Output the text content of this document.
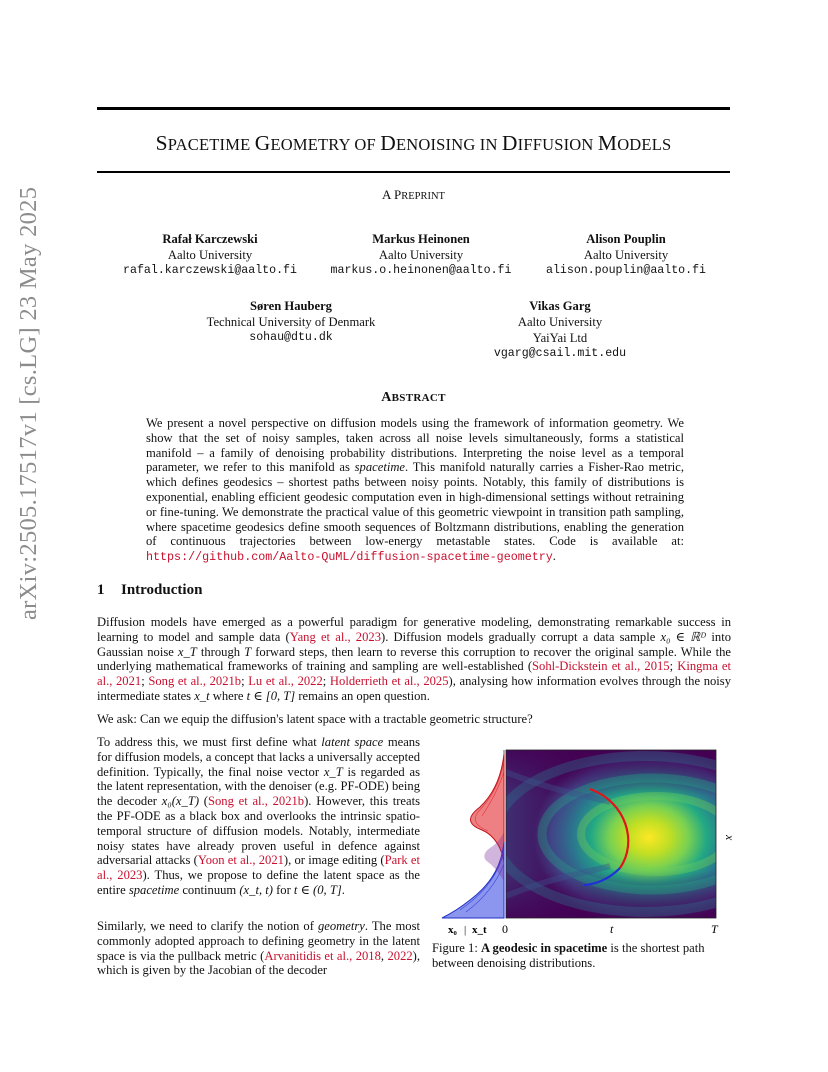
arXiv:2505.17517v1 [cs.LG] 23 May 2025
SPACETIME GEOMETRY OF DENOISING IN DIFFUSION MODELS
A PREPRINT
Rafał Karczewski
Aalto University
rafal.karczewski@aalto.fi
Markus Heinonen
Aalto University
markus.o.heinonen@aalto.fi
Alison Pouplin
Aalto University
alison.pouplin@aalto.fi
Søren Hauberg
Technical University of Denmark
sohau@dtu.dk
Vikas Garg
Aalto University
YaiYai Ltd
vgarg@csail.mit.edu
ABSTRACT
We present a novel perspective on diffusion models using the framework of information geometry. We show that the set of noisy samples, taken across all noise levels simultaneously, forms a statistical manifold – a family of denoising probability distributions. Interpreting the noise level as a temporal parameter, we refer to this manifold as spacetime. This manifold naturally carries a Fisher-Rao metric, which defines geodesics – shortest paths between noisy points. Notably, this family of distributions is exponential, enabling efficient geodesic computation even in high-dimensional settings without retraining or fine-tuning. We demonstrate the practical value of this geometric viewpoint in transition path sampling, where spacetime geodesics define smooth sequences of Boltzmann distributions, enabling the generation of continuous trajectories between low-energy metastable states. Code is available at: https://github.com/Aalto-QuML/diffusion-spacetime-geometry.
1 Introduction
Diffusion models have emerged as a powerful paradigm for generative modeling, demonstrating remarkable success in learning to model and sample data (Yang et al., 2023). Diffusion models gradually corrupt a data sample x₀ ∈ ℝᴰ into Gaussian noise x_T through T forward steps, then learn to reverse this corruption to recover the original sample. While the underlying mathematical frameworks of training and sampling are well-established (Sohl-Dickstein et al., 2015; Kingma et al., 2021; Song et al., 2021b; Lu et al., 2022; Holderrieth et al., 2025), analysing how information evolves through the noisy intermediate states x_t where t ∈ [0, T] remains an open question.
We ask: Can we equip the diffusion's latent space with a tractable geometric structure?
To address this, we must first define what latent space means for diffusion models, a concept that lacks a universally accepted definition. Typically, the final noise vector x_T is regarded as the latent representation, with the denoiser (e.g. PF-ODE) being the decoder x₀(x_T) (Song et al., 2021b). However, this treats the PF-ODE as a black box and overlooks the intrinsic spatio-temporal structure of diffusion models. Notably, intermediate noisy states have already proven useful in defence against adversarial attacks (Yoon et al., 2021), or image editing (Park et al., 2023). Thus, we propose to define the latent space as the entire spacetime continuum (x_t, t) for t ∈ (0, T].
Similarly, we need to clarify the notion of geometry. The most commonly adopted approach to defining geometry in the latent space is via the pullback metric (Arvanitidis et al., 2018, 2022), which is given by the Jacobian of the decoder
x
x₀ | x_t 0	t	T
Figure 1: A geodesic in spacetime is the shortest path between denoising distributions.
